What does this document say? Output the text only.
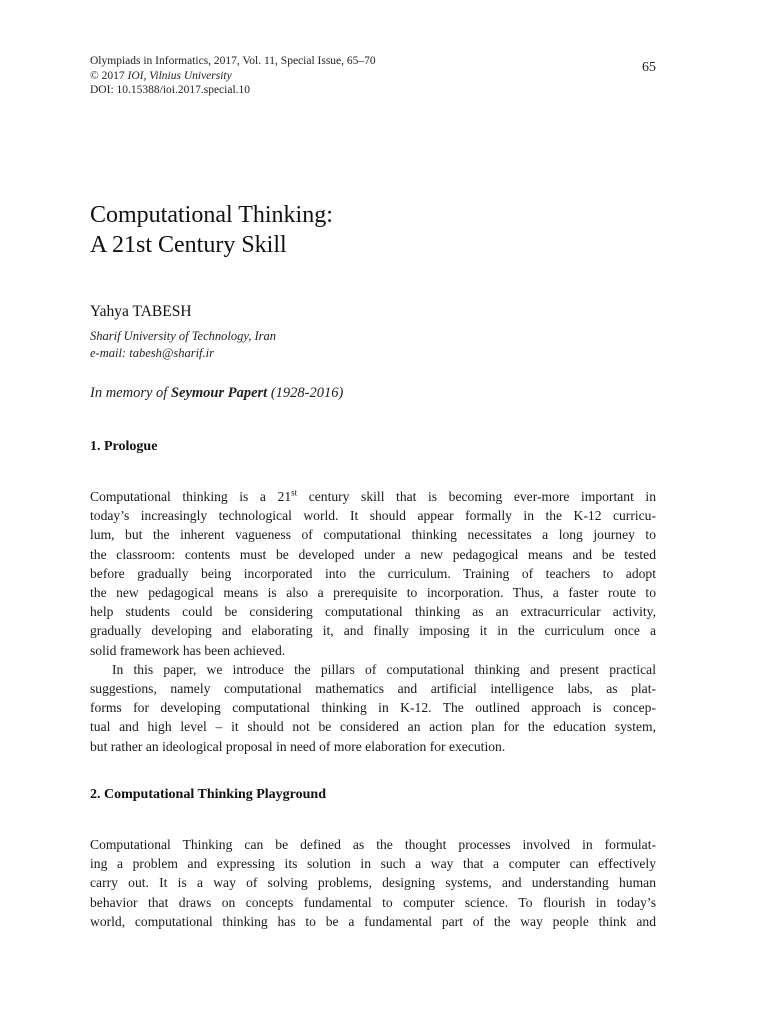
Olympiads in Informatics, 2017, Vol. 11, Special Issue, 65–70
© 2017 IOI, Vilnius University
DOI: 10.15388/ioi.2017.special.10
65
Computational Thinking:
A 21st Century Skill
Yahya TABESH
Sharif University of Technology, Iran
e-mail: tabesh@sharif.ir
In memory of Seymour Papert (1928-2016)
1. Prologue
Computational thinking is a 21st century skill that is becoming ever-more important in
today’s increasingly technological world. It should appear formally in the K-12 curricu-
lum, but the inherent vagueness of computational thinking necessitates a long journey to
the classroom: contents must be developed under a new pedagogical means and be tested
before gradually being incorporated into the curriculum. Training of teachers to adopt
the new pedagogical means is also a prerequisite to incorporation. Thus, a faster route to
help students could be considering computational thinking as an extracurricular activity,
gradually developing and elaborating it, and finally imposing it in the curriculum once a
solid framework has been achieved.
In this paper, we introduce the pillars of computational thinking and present practical
suggestions, namely computational mathematics and artificial intelligence labs, as plat-
forms for developing computational thinking in K-12. The outlined approach is concep-
tual and high level – it should not be considered an action plan for the education system,
but rather an ideological proposal in need of more elaboration for execution.
2. Computational Thinking Playground
Computational Thinking can be defined as the thought processes involved in formulat-
ing a problem and expressing its solution in such a way that a computer can effectively
carry out. It is a way of solving problems, designing systems, and understanding human
behavior that draws on concepts fundamental to computer science. To flourish in today’s
world, computational thinking has to be a fundamental part of the way people think and
